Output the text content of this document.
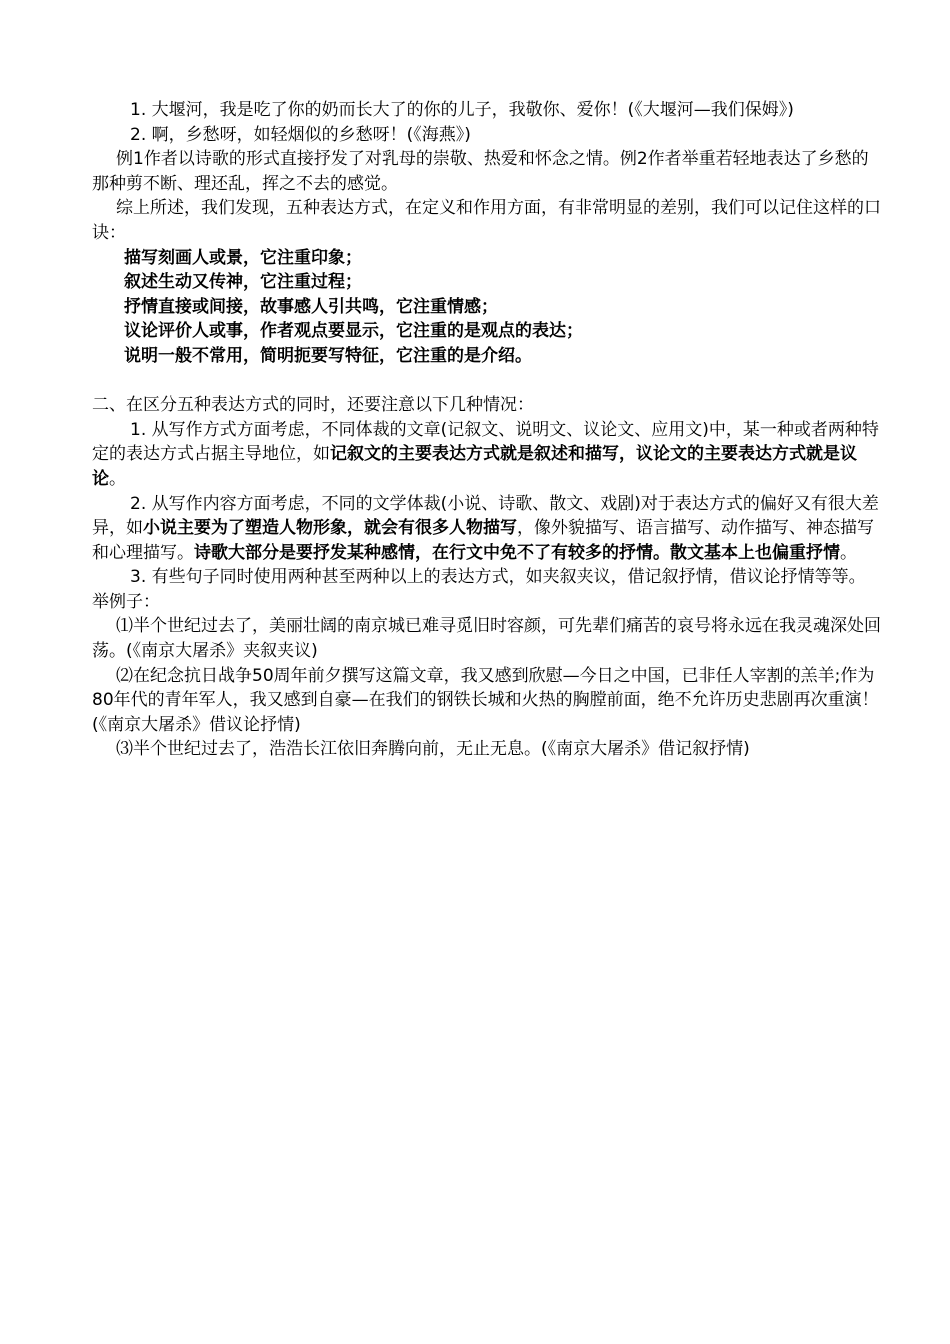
1. 大堰河，我是吃了你的奶而长大了的你的儿子，我敬你、爱你！(《大堰河—我们保姆》)

2. 啊，乡愁呀，如轻烟似的乡愁呀！(《海燕》)

例1作者以诗歌的形式直接抒发了对乳母的崇敬、热爱和怀念之情。例2作者举重若轻地表达了乡愁的那种剪不断、理还乱，挥之不去的感觉。

综上所述，我们发现，五种表达方式，在定义和作用方面，有非常明显的差别，我们可以记住这样的口诀：

描写刻画人或景，它注重印象；

叙述生动又传神，它注重过程；

抒情直接或间接，故事感人引共鸣，它注重情感；

议论评价人或事，作者观点要显示，它注重的是观点的表达；

说明一般不常用，简明扼要写特征，它注重的是介绍。

二、在区分五种表达方式的同时，还要注意以下几种情况：

1. 从写作方式方面考虑，不同体裁的文章(记叙文、说明文、议论文、应用文)中，某一种或者两种特定的表达方式占据主导地位，如记叙文的主要表达方式就是叙述和描写，议论文的主要表达方式就是议论。

2. 从写作内容方面考虑，不同的文学体裁(小说、诗歌、散文、戏剧)对于表达方式的偏好又有很大差异，如小说主要为了塑造人物形象，就会有很多人物描写，像外貌描写、语言描写、动作描写、神态描写和心理描写。诗歌大部分是要抒发某种感情，在行文中免不了有较多的抒情。散文基本上也偏重抒情。

3. 有些句子同时使用两种甚至两种以上的表达方式，如夹叙夹议，借记叙抒情，借议论抒情等等。举例子：

⑴半个世纪过去了，美丽壮阔的南京城已难寻觅旧时容颜，可先辈们痛苦的哀号将永远在我灵魂深处回荡。(《南京大屠杀》夹叙夹议)

⑵在纪念抗日战争50周年前夕撰写这篇文章，我又感到欣慰—今日之中国，已非任人宰割的羔羊;作为80年代的青年军人，我又感到自豪—在我们的钢铁长城和火热的胸膛前面，绝不允许历史悲剧再次重演！(《南京大屠杀》借议论抒情)

⑶半个世纪过去了，浩浩长江依旧奔腾向前，无止无息。(《南京大屠杀》借记叙抒情)
